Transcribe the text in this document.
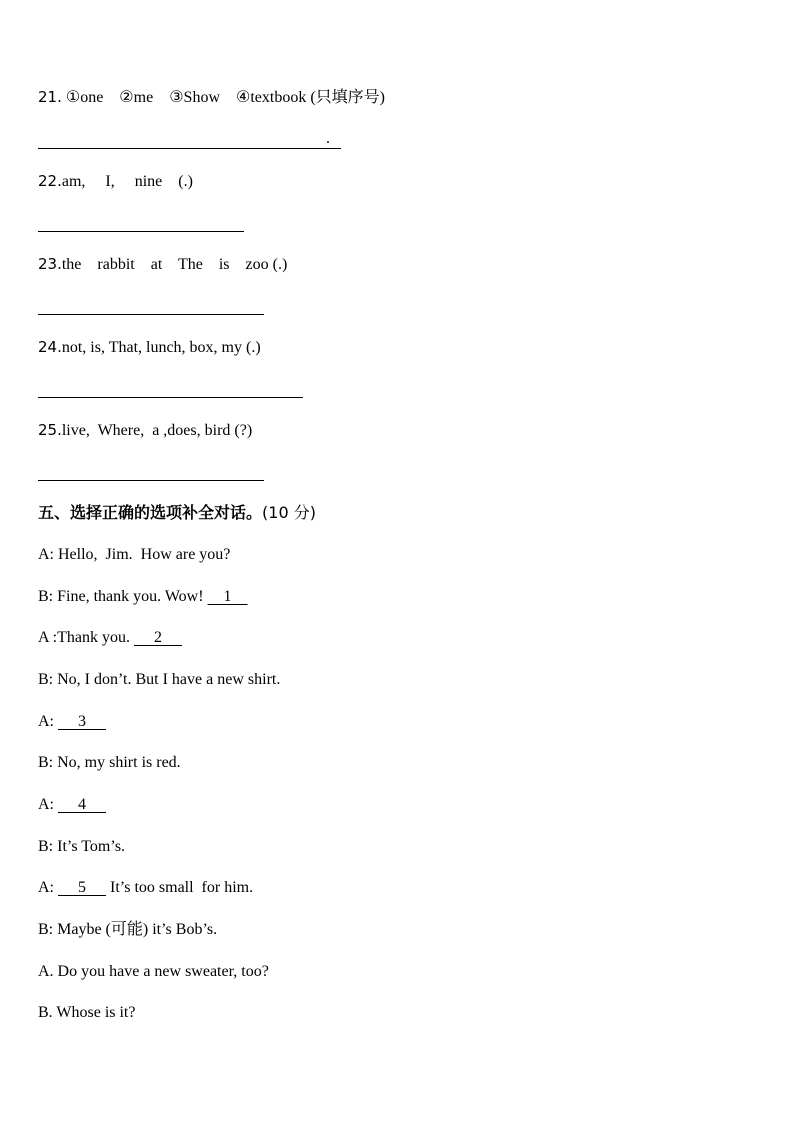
21. ①one    ②me    ③Show    ④textbook (只填序号)
.
22.am,     I,     nine    (.)
23.the    rabbit    at    The    is    zoo (.)
24.not, is, That, lunch, box, my (.)
25.live,  Where,  a ,does, bird (?)
五、选择正确的选项补全对话。(10 分)
A: Hello,  Jim.  How are you?
B: Fine, thank you. Wow!     1
A :Thank you.      2
B: No, I don’t. But I have a new shirt.
A:      3
B: No, my shirt is red.
A:      4
B: It’s Tom’s.
A:      5      It’s too small  for him.
B: Maybe (可能) it’s Bob’s.
A. Do you have a new sweater, too?
B. Whose is it?
